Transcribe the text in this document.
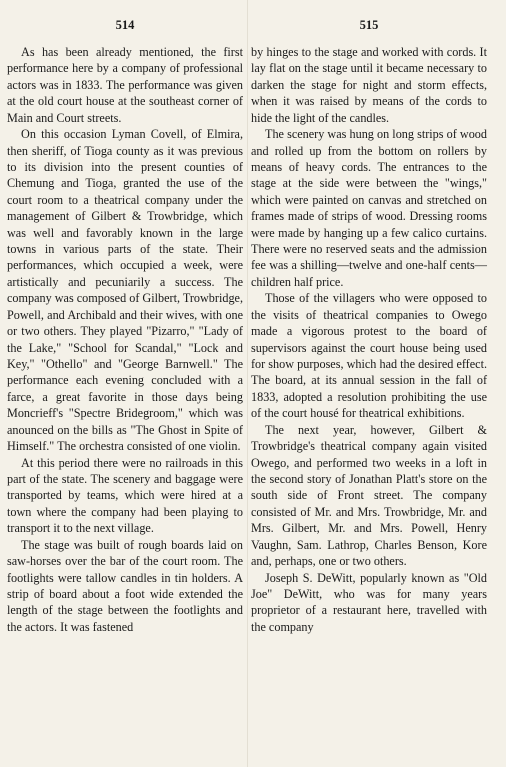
514

As has been already mentioned, the first performance here by a company of professional actors was in 1833. The performance was given at the old court house at the southeast corner of Main and Court streets.

On this occasion Lyman Covell, of Elmira, then sheriff, of Tioga county as it was previous to its division into the present counties of Chemung and Tioga, granted the use of the court room to a theatrical company under the management of Gilbert & Trowbridge, which was well and favorably known in the large towns in various parts of the state. Their performances, which occupied a week, were artistically and pecuniarily a success. The company was composed of Gilbert, Trowbridge, Powell, and Archibald and their wives, with one or two others. They played "Pizarro," "Lady of the Lake," "School for Scandal," "Lock and Key," "Othello" and "George Barnwell." The performance each evening concluded with a farce, a great favorite in those days being Moncrieff's "Spectre Bridegroom," which was anounced on the bills as "The Ghost in Spite of Himself." The orchestra consisted of one violin.

At this period there were no railroads in this part of the state. The scenery and baggage were transported by teams, which were hired at a town where the company had been playing to transport it to the next village.

The stage was built of rough boards laid on saw-horses over the bar of the court room. The footlights were tallow candles in tin holders. A strip of board about a foot wide extended the length of the stage between the footlights and the actors. It was fastened

515

by hinges to the stage and worked with cords. It lay flat on the stage until it became necessary to darken the stage for night and storm effects, when it was raised by means of the cords to hide the light of the candles.

The scenery was hung on long strips of wood and rolled up from the bottom on rollers by means of heavy cords. The entrances to the stage at the side were between the "wings," which were painted on canvas and stretched on frames made of strips of wood. Dressing rooms were made by hanging up a few calico curtains. There were no reserved seats and the admission fee was a shilling—twelve and one-half cents—children half price.

Those of the villagers who were opposed to the visits of theatrical companies to Owego made a vigorous protest to the board of supervisors against the court house being used for show purposes, which had the desired effect. The board, at its annual session in the fall of 1833, adopted a resolution prohibiting the use of the court housé for theatrical exhibitions.

The next year, however, Gilbert & Trowbridge's theatrical company again visited Owego, and performed two weeks in a loft in the second story of Jonathan Platt's store on the south side of Front street. The company consisted of Mr. and Mrs. Trowbridge, Mr. and Mrs. Gilbert, Mr. and Mrs. Powell, Henry Vaughn, Sam. Lathrop, Charles Benson, Kore and, perhaps, one or two others.

Joseph S. DeWitt, popularly known as "Old Joe" DeWitt, who was for many years proprietor of a restaurant here, travelled with the company
